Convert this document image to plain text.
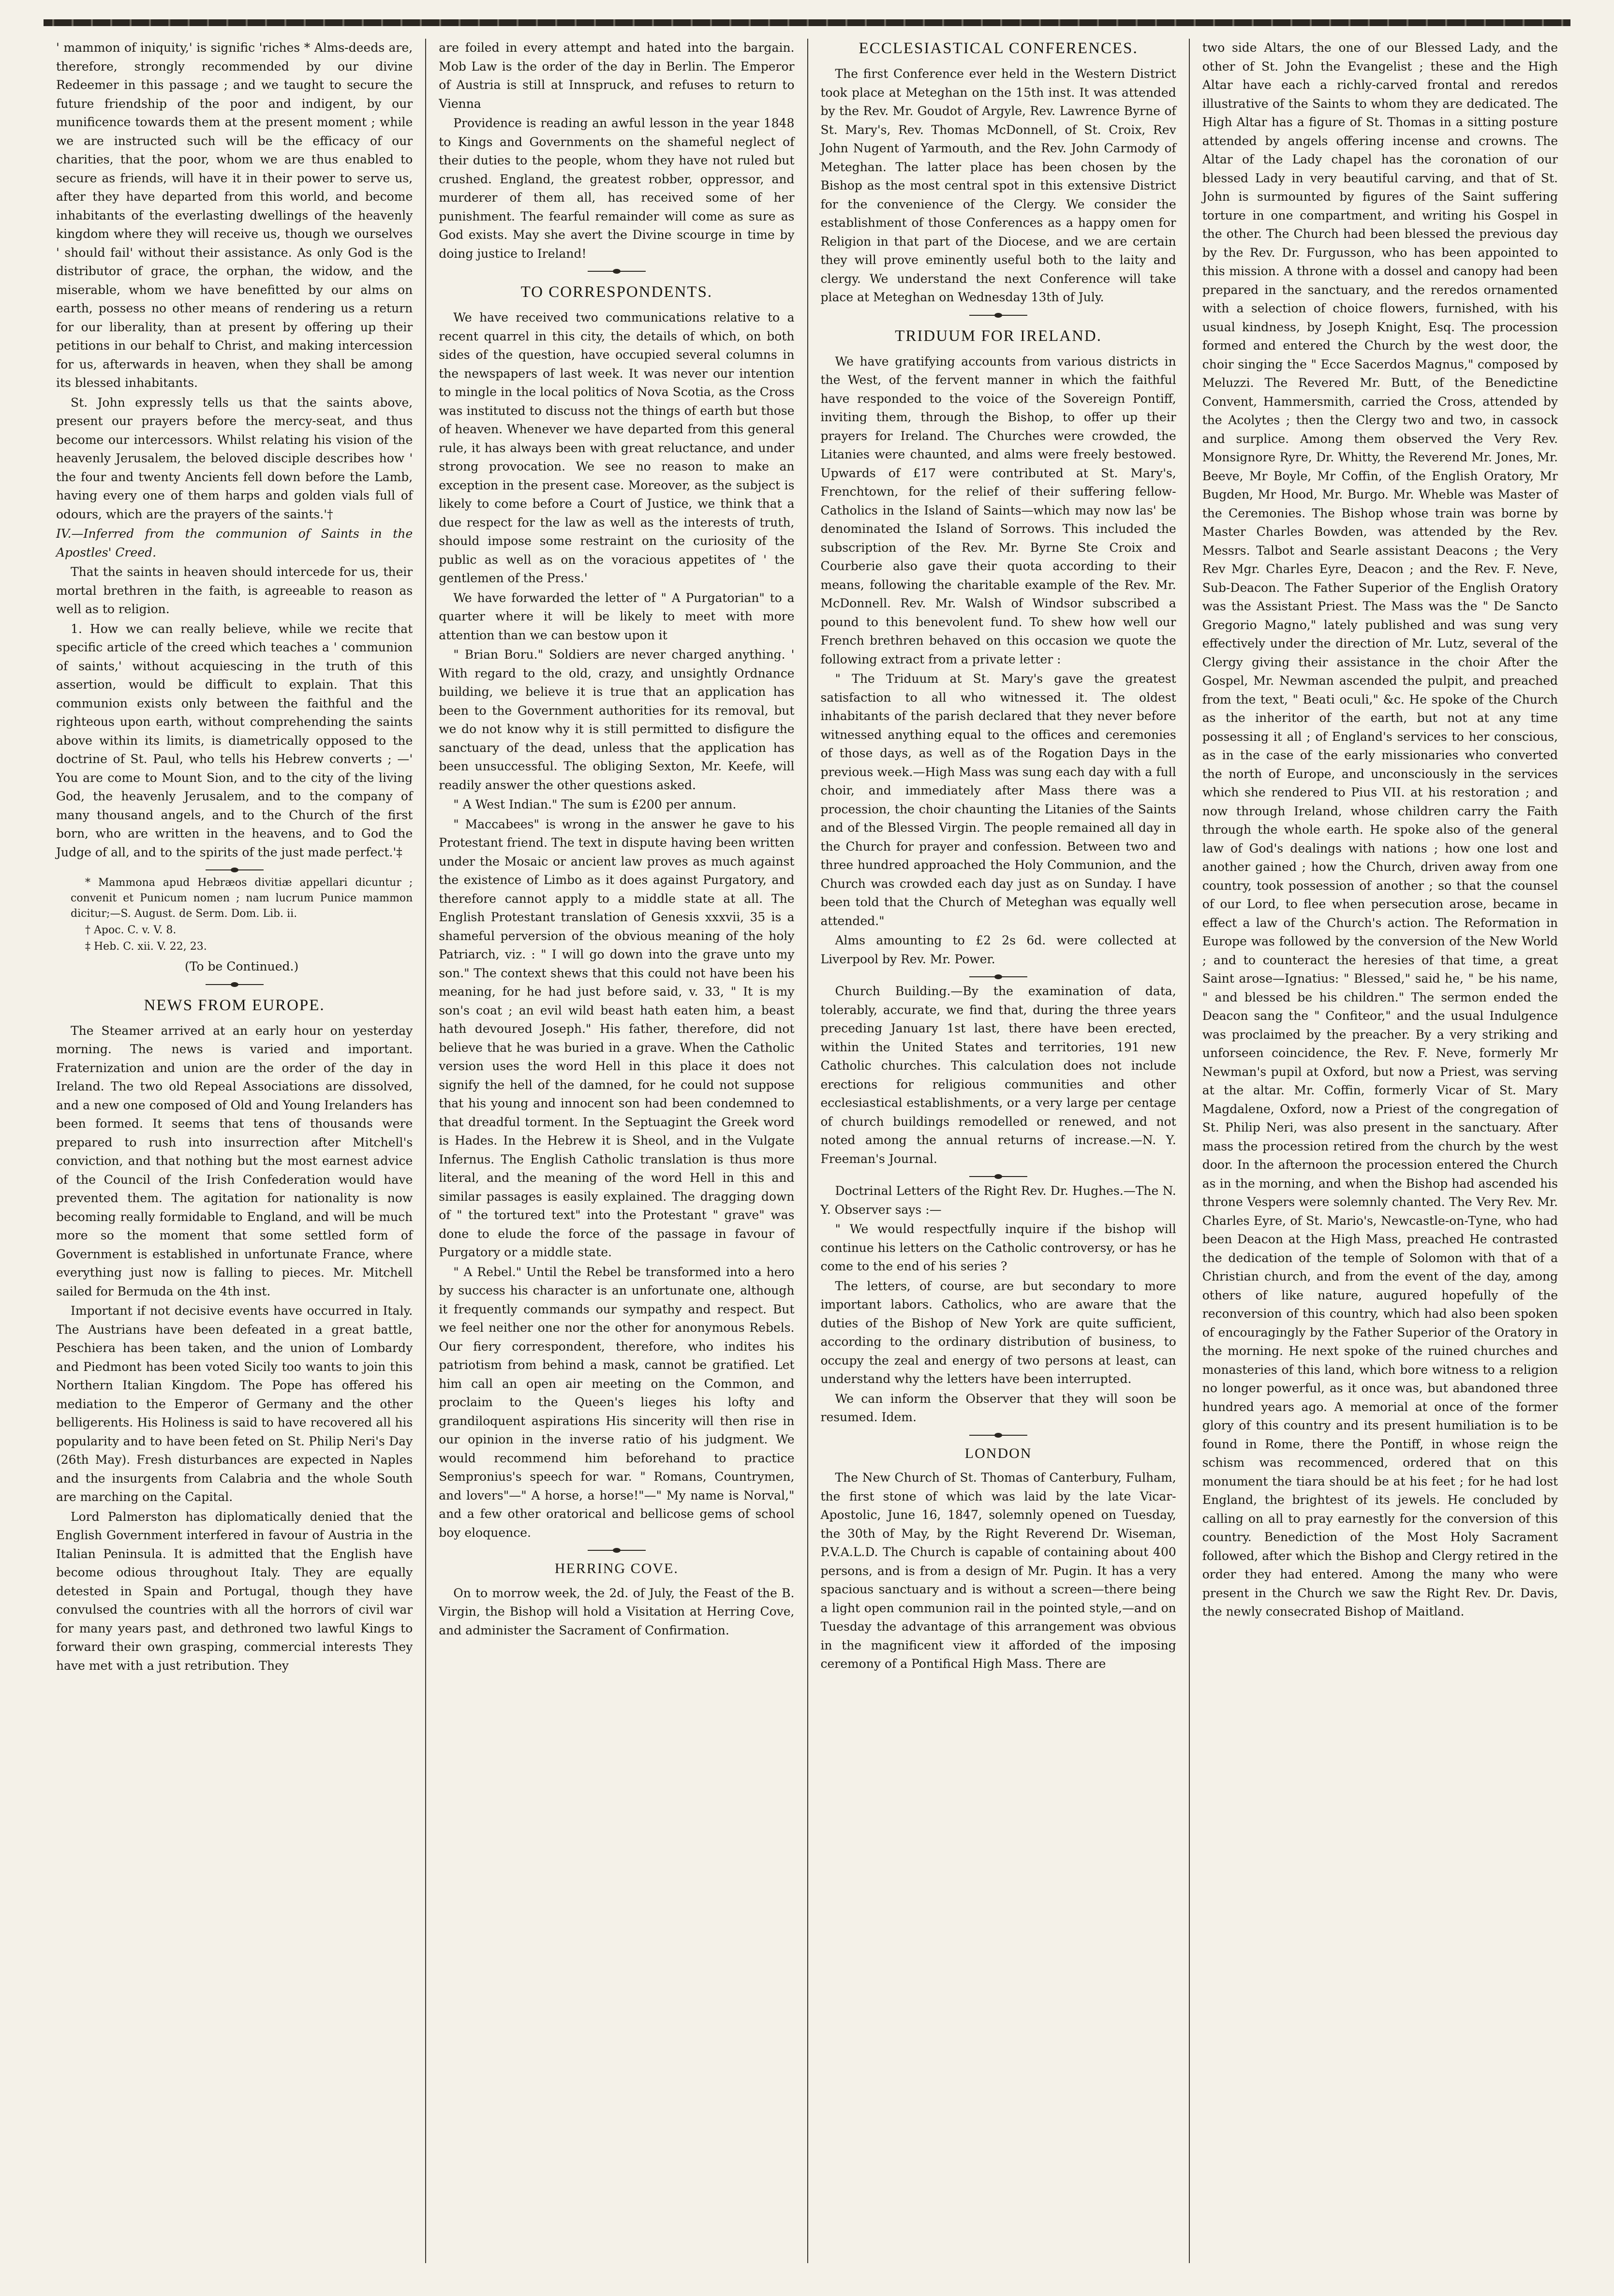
' mammon of iniquity,' is signific 'riches * Alms-deeds are, therefore, strongly recommended by our divine Redeemer in this passage ; and we taught to secure the future friendship of the poor and indigent, by our munificence towards them at the present moment ; while we are instructed such will be the efficacy of our charities, that the poor, whom we are thus enabled to secure as friends, will have it in their power to serve us, after they have departed from this world, and become inhabitants of the everlasting dwellings of the heavenly kingdom where they will receive us, though we ourselves ' should fail' without their assistance. As only God is the distributor of grace, the orphan, the widow, and the miserable, whom we have benefitted by our alms on earth, possess no other means of rendering us a return for our liberality, than at present by offering up their petitions in our behalf to Christ, and making intercession for us, afterwards in heaven, when they shall be among its blessed inhabitants.

St. John expressly tells us that the saints above, present our prayers before the mercy-seat, and thus become our intercessors. Whilst relating his vision of the heavenly Jerusalem, the beloved disciple describes how ' the four and twenty Ancients fell down before the Lamb, having every one of them harps and golden vials full of odours, which are the prayers of the saints.'†

IV.—Inferred from the communion of Saints in the Apostles' Creed.

That the saints in heaven should intercede for us, their mortal brethren in the faith, is agreeable to reason as well as to religion.

1. How we can really believe, while we recite that specific article of the creed which teaches a ' communion of saints,' without acquiescing in the truth of this assertion, would be difficult to explain. That this communion exists only between the faithful and the righteous upon earth, without comprehending the saints above within its limits, is diametrically opposed to the doctrine of St. Paul, who tells his Hebrew converts ; —' You are come to Mount Sion, and to the city of the living God, the heavenly Jerusalem, and to the company of many thousand angels, and to the Church of the first born, who are written in the heavens, and to God the Judge of all, and to the spirits of the just made perfect.'‡

* Mammona apud Hebræos divitiæ appellari dicuntur ; convenit et Punicum nomen ; nam lucrum Punice mammon dicitur;—S. August. de Serm. Dom. Lib. ii.

† Apoc. C. v. V. 8.

‡ Heb. C. xii. V. 22, 23.

(To be Continued.)

NEWS FROM EUROPE.

The Steamer arrived at an early hour on yesterday morning. The news is varied and important. Fraternization and union are the order of the day in Ireland. The two old Repeal Associations are dissolved, and a new one composed of Old and Young Irelanders has been formed. It seems that tens of thousands were prepared to rush into insurrection after Mitchell's conviction, and that nothing but the most earnest advice of the Council of the Irish Confederation would have prevented them. The agitation for nationality is now becoming really formidable to England, and will be much more so the moment that some settled form of Government is established in unfortunate France, where everything just now is falling to pieces. Mr. Mitchell sailed for Bermuda on the 4th inst.

Important if not decisive events have occurred in Italy. The Austrians have been defeated in a great battle, Peschiera has been taken, and the union of Lombardy and Piedmont has been voted Sicily too wants to join this Northern Italian Kingdom. The Pope has offered his mediation to the Emperor of Germany and the other belligerents. His Holiness is said to have recovered all his popularity and to have been feted on St. Philip Neri's Day (26th May). Fresh disturbances are expected in Naples and the insurgents from Calabria and the whole South are marching on the Capital.

Lord Palmerston has diplomatically denied that the English Government interfered in favour of Austria in the Italian Peninsula. It is admitted that the English have become odious throughout Italy. They are equally detested in Spain and Portugal, though they have convulsed the countries with all the horrors of civil war for many years past, and dethroned two lawful Kings to forward their own grasping, commercial interests They have met with a just retribution. They

are foiled in every attempt and hated into the bargain. Mob Law is the order of the day in Berlin. The Emperor of Austria is still at Innspruck, and refuses to return to Vienna

Providence is reading an awful lesson in the year 1848 to Kings and Governments on the shameful neglect of their duties to the people, whom they have not ruled but crushed. England, the greatest robber, oppressor, and murderer of them all, has received some of her punishment. The fearful remainder will come as sure as God exists. May she avert the Divine scourge in time by doing justice to Ireland!

TO CORRESPONDENTS.

We have received two communications relative to a recent quarrel in this city, the details of which, on both sides of the question, have occupied several columns in the newspapers of last week. It was never our intention to mingle in the local politics of Nova Scotia, as the Cross was instituted to discuss not the things of earth but those of heaven. Whenever we have departed from this general rule, it has always been with great reluctance, and under strong provocation. We see no reason to make an exception in the present case. Moreover, as the subject is likely to come before a Court of Justice, we think that a due respect for the law as well as the interests of truth, should impose some restraint on the curiosity of the public as well as on the voracious appetites of ' the gentlemen of the Press.'

We have forwarded the letter of " A Purgatorian" to a quarter where it will be likely to meet with more attention than we can bestow upon it

" Brian Boru." Soldiers are never charged anything. ' With regard to the old, crazy, and unsightly Ordnance building, we believe it is true that an application has been to the Government authorities for its removal, but we do not know why it is still permitted to disfigure the sanctuary of the dead, unless that the application has been unsuccessful. The obliging Sexton, Mr. Keefe, will readily answer the other questions asked.

" A West Indian." The sum is £200 per annum.

" Maccabees" is wrong in the answer he gave to his Protestant friend. The text in dispute having been written under the Mosaic or ancient law proves as much against the existence of Limbo as it does against Purgatory, and therefore cannot apply to a middle state at all. The English Protestant translation of Genesis xxxvii, 35 is a shameful perversion of the obvious meaning of the holy Patriarch, viz. : " I will go down into the grave unto my son." The context shews that this could not have been his meaning, for he had just before said, v. 33, " It is my son's coat ; an evil wild beast hath eaten him, a beast hath devoured Joseph." His father, therefore, did not believe that he was buried in a grave. When the Catholic version uses the word Hell in this place it does not signify the hell of the damned, for he could not suppose that his young and innocent son had been condemned to that dreadful torment. In the Septuagint the Greek word is Hades. In the Hebrew it is Sheol, and in the Vulgate Infernus. The English Catholic translation is thus more literal, and the meaning of the word Hell in this and similar passages is easily explained. The dragging down of " the tortured text" into the Protestant " grave" was done to elude the force of the passage in favour of Purgatory or a middle state.

" A Rebel." Until the Rebel be transformed into a hero by success his character is an unfortunate one, although it frequently commands our sympathy and respect. But we feel neither one nor the other for anonymous Rebels. Our fiery correspondent, therefore, who indites his patriotism from behind a mask, cannot be gratified. Let him call an open air meeting on the Common, and proclaim to the Queen's lieges his lofty and grandiloquent aspirations His sincerity will then rise in our opinion in the inverse ratio of his judgment. We would recommend him beforehand to practice Sempronius's speech for war. " Romans, Countrymen, and lovers"—" A horse, a horse!"—" My name is Norval," and a few other oratorical and bellicose gems of school boy eloquence.

HERRING COVE.

On to morrow week, the 2d. of July, the Feast of the B. Virgin, the Bishop will hold a Visitation at Herring Cove, and administer the Sacrament of Confirmation.

ECCLESIASTICAL CONFERENCES.

The first Conference ever held in the Western District took place at Meteghan on the 15th inst. It was attended by the Rev. Mr. Goudot of Argyle, Rev. Lawrence Byrne of St. Mary's, Rev. Thomas McDonnell, of St. Croix, Rev John Nugent of Yarmouth, and the Rev. John Carmody of Meteghan. The latter place has been chosen by the Bishop as the most central spot in this extensive District for the convenience of the Clergy. We consider the establishment of those Conferences as a happy omen for Religion in that part of the Diocese, and we are certain they will prove eminently useful both to the laity and clergy. We understand the next Conference will take place at Meteghan on Wednesday 13th of July.

TRIDUUM FOR IRELAND.

We have gratifying accounts from various districts in the West, of the fervent manner in which the faithful have responded to the voice of the Sovereign Pontiff, inviting them, through the Bishop, to offer up their prayers for Ireland. The Churches were crowded, the Litanies were chaunted, and alms were freely bestowed. Upwards of £17 were contributed at St. Mary's, Frenchtown, for the relief of their suffering fellow-Catholics in the Island of Saints—which may now las' be denominated the Island of Sorrows. This included the subscription of the Rev. Mr. Byrne Ste Croix and Courberie also gave their quota according to their means, following the charitable example of the Rev. Mr. McDonnell. Rev. Mr. Walsh of Windsor subscribed a pound to this benevolent fund. To shew how well our French brethren behaved on this occasion we quote the following extract from a private letter :

" The Triduum at St. Mary's gave the greatest satisfaction to all who witnessed it. The oldest inhabitants of the parish declared that they never before witnessed anything equal to the offices and ceremonies of those days, as well as of the Rogation Days in the previous week.—High Mass was sung each day with a full choir, and immediately after Mass there was a procession, the choir chaunting the Litanies of the Saints and of the Blessed Virgin. The people remained all day in the Church for prayer and confession. Between two and three hundred approached the Holy Communion, and the Church was crowded each day just as on Sunday. I have been told that the Church of Meteghan was equally well attended."

Alms amounting to £2 2s 6d. were collected at Liverpool by Rev. Mr. Power.

Church Building.—By the examination of data, tolerably, accurate, we find that, during the three years preceding January 1st last, there have been erected, within the United States and territories, 191 new Catholic churches. This calculation does not include erections for religious communities and other ecclesiastical establishments, or a very large per centage of church buildings remodelled or renewed, and not noted among the annual returns of increase.—N. Y. Freeman's Journal.

Doctrinal Letters of the Right Rev. Dr. Hughes.—The N. Y. Observer says :—

" We would respectfully inquire if the bishop will continue his letters on the Catholic controversy, or has he come to the end of his series ?

The letters, of course, are but secondary to more important labors. Catholics, who are aware that the duties of the Bishop of New York are quite sufficient, according to the ordinary distribution of business, to occupy the zeal and energy of two persons at least, can understand why the letters have been interrupted.

We can inform the Observer that they will soon be resumed. Idem.

LONDON

The New Church of St. Thomas of Canterbury, Fulham, the first stone of which was laid by the late Vicar-Apostolic, June 16, 1847, solemnly opened on Tuesday, the 30th of May, by the Right Reverend Dr. Wiseman, P.V.A.L.D. The Church is capable of containing about 400 persons, and is from a design of Mr. Pugin. It has a very spacious sanctuary and is without a screen—there being a light open communion rail in the pointed style,—and on Tuesday the advantage of this arrangement was obvious in the magnificent view it afforded of the imposing ceremony of a Pontifical High Mass. There are

two side Altars, the one of our Blessed Lady, and the other of St. John the Evangelist ; these and the High Altar have each a richly-carved frontal and reredos illustrative of the Saints to whom they are dedicated. The High Altar has a figure of St. Thomas in a sitting posture attended by angels offering incense and crowns. The Altar of the Lady chapel has the coronation of our blessed Lady in very beautiful carving, and that of St. John is surmounted by figures of the Saint suffering torture in one compartment, and writing his Gospel in the other. The Church had been blessed the previous day by the Rev. Dr. Furgusson, who has been appointed to this mission. A throne with a dossel and canopy had been prepared in the sanctuary, and the reredos ornamented with a selection of choice flowers, furnished, with his usual kindness, by Joseph Knight, Esq. The procession formed and entered the Church by the west door, the choir singing the " Ecce Sacerdos Magnus," composed by Meluzzi. The Revered Mr. Butt, of the Benedictine Convent, Hammersmith, carried the Cross, attended by the Acolytes ; then the Clergy two and two, in cassock and surplice. Among them observed the Very Rev. Monsignore Ryre, Dr. Whitty, the Reverend Mr. Jones, Mr. Beeve, Mr Boyle, Mr Coffin, of the English Oratory, Mr Bugden, Mr Hood, Mr. Burgo. Mr. Wheble was Master of the Ceremonies. The Bishop whose train was borne by Master Charles Bowden, was attended by the Rev. Messrs. Talbot and Searle assistant Deacons ; the Very Rev Mgr. Charles Eyre, Deacon ; and the Rev. F. Neve, Sub-Deacon. The Father Superior of the English Oratory was the Assistant Priest. The Mass was the " De Sancto Gregorio Magno," lately published and was sung very effectively under the direction of Mr. Lutz, several of the Clergy giving their assistance in the choir After the Gospel, Mr. Newman ascended the pulpit, and preached from the text, " Beati oculi," &c. He spoke of the Church as the inheritor of the earth, but not at any time possessing it all ; of England's services to her conscious, as in the case of the early missionaries who converted the north of Europe, and unconsciously in the services which she rendered to Pius VII. at his restoration ; and now through Ireland, whose children carry the Faith through the whole earth. He spoke also of the general law of God's dealings with nations ; how one lost and another gained ; how the Church, driven away from one country, took possession of another ; so that the counsel of our Lord, to flee when persecution arose, became in effect a law of the Church's action. The Reformation in Europe was followed by the conversion of the New World ; and to counteract the heresies of that time, a great Saint arose—Ignatius: " Blessed," said he, " be his name, " and blessed be his children." The sermon ended the Deacon sang the " Confiteor," and the usual Indulgence was proclaimed by the preacher. By a very striking and unforseen coincidence, the Rev. F. Neve, formerly Mr Newman's pupil at Oxford, but now a Priest, was serving at the altar. Mr. Coffin, formerly Vicar of St. Mary Magdalene, Oxford, now a Priest of the congregation of St. Philip Neri, was also present in the sanctuary. After mass the procession retired from the church by the west door. In the afternoon the procession entered the Church as in the morning, and when the Bishop had ascended his throne Vespers were solemnly chanted. The Very Rev. Mr. Charles Eyre, of St. Mario's, Newcastle-on-Tyne, who had been Deacon at the High Mass, preached He contrasted the dedication of the temple of Solomon with that of a Christian church, and from the event of the day, among others of like nature, augured hopefully of the reconversion of this country, which had also been spoken of encouragingly by the Father Superior of the Oratory in the morning. He next spoke of the ruined churches and monasteries of this land, which bore witness to a religion no longer powerful, as it once was, but abandoned three hundred years ago. A memorial at once of the former glory of this country and its present humiliation is to be found in Rome, there the Pontiff, in whose reign the schism was recommenced, ordered that on this monument the tiara should be at his feet ; for he had lost England, the brightest of its jewels. He concluded by calling on all to pray earnestly for the conversion of this country. Benediction of the Most Holy Sacrament followed, after which the Bishop and Clergy retired in the order they had entered. Among the many who were present in the Church we saw the Right Rev. Dr. Davis, the newly consecrated Bishop of Maitland.
